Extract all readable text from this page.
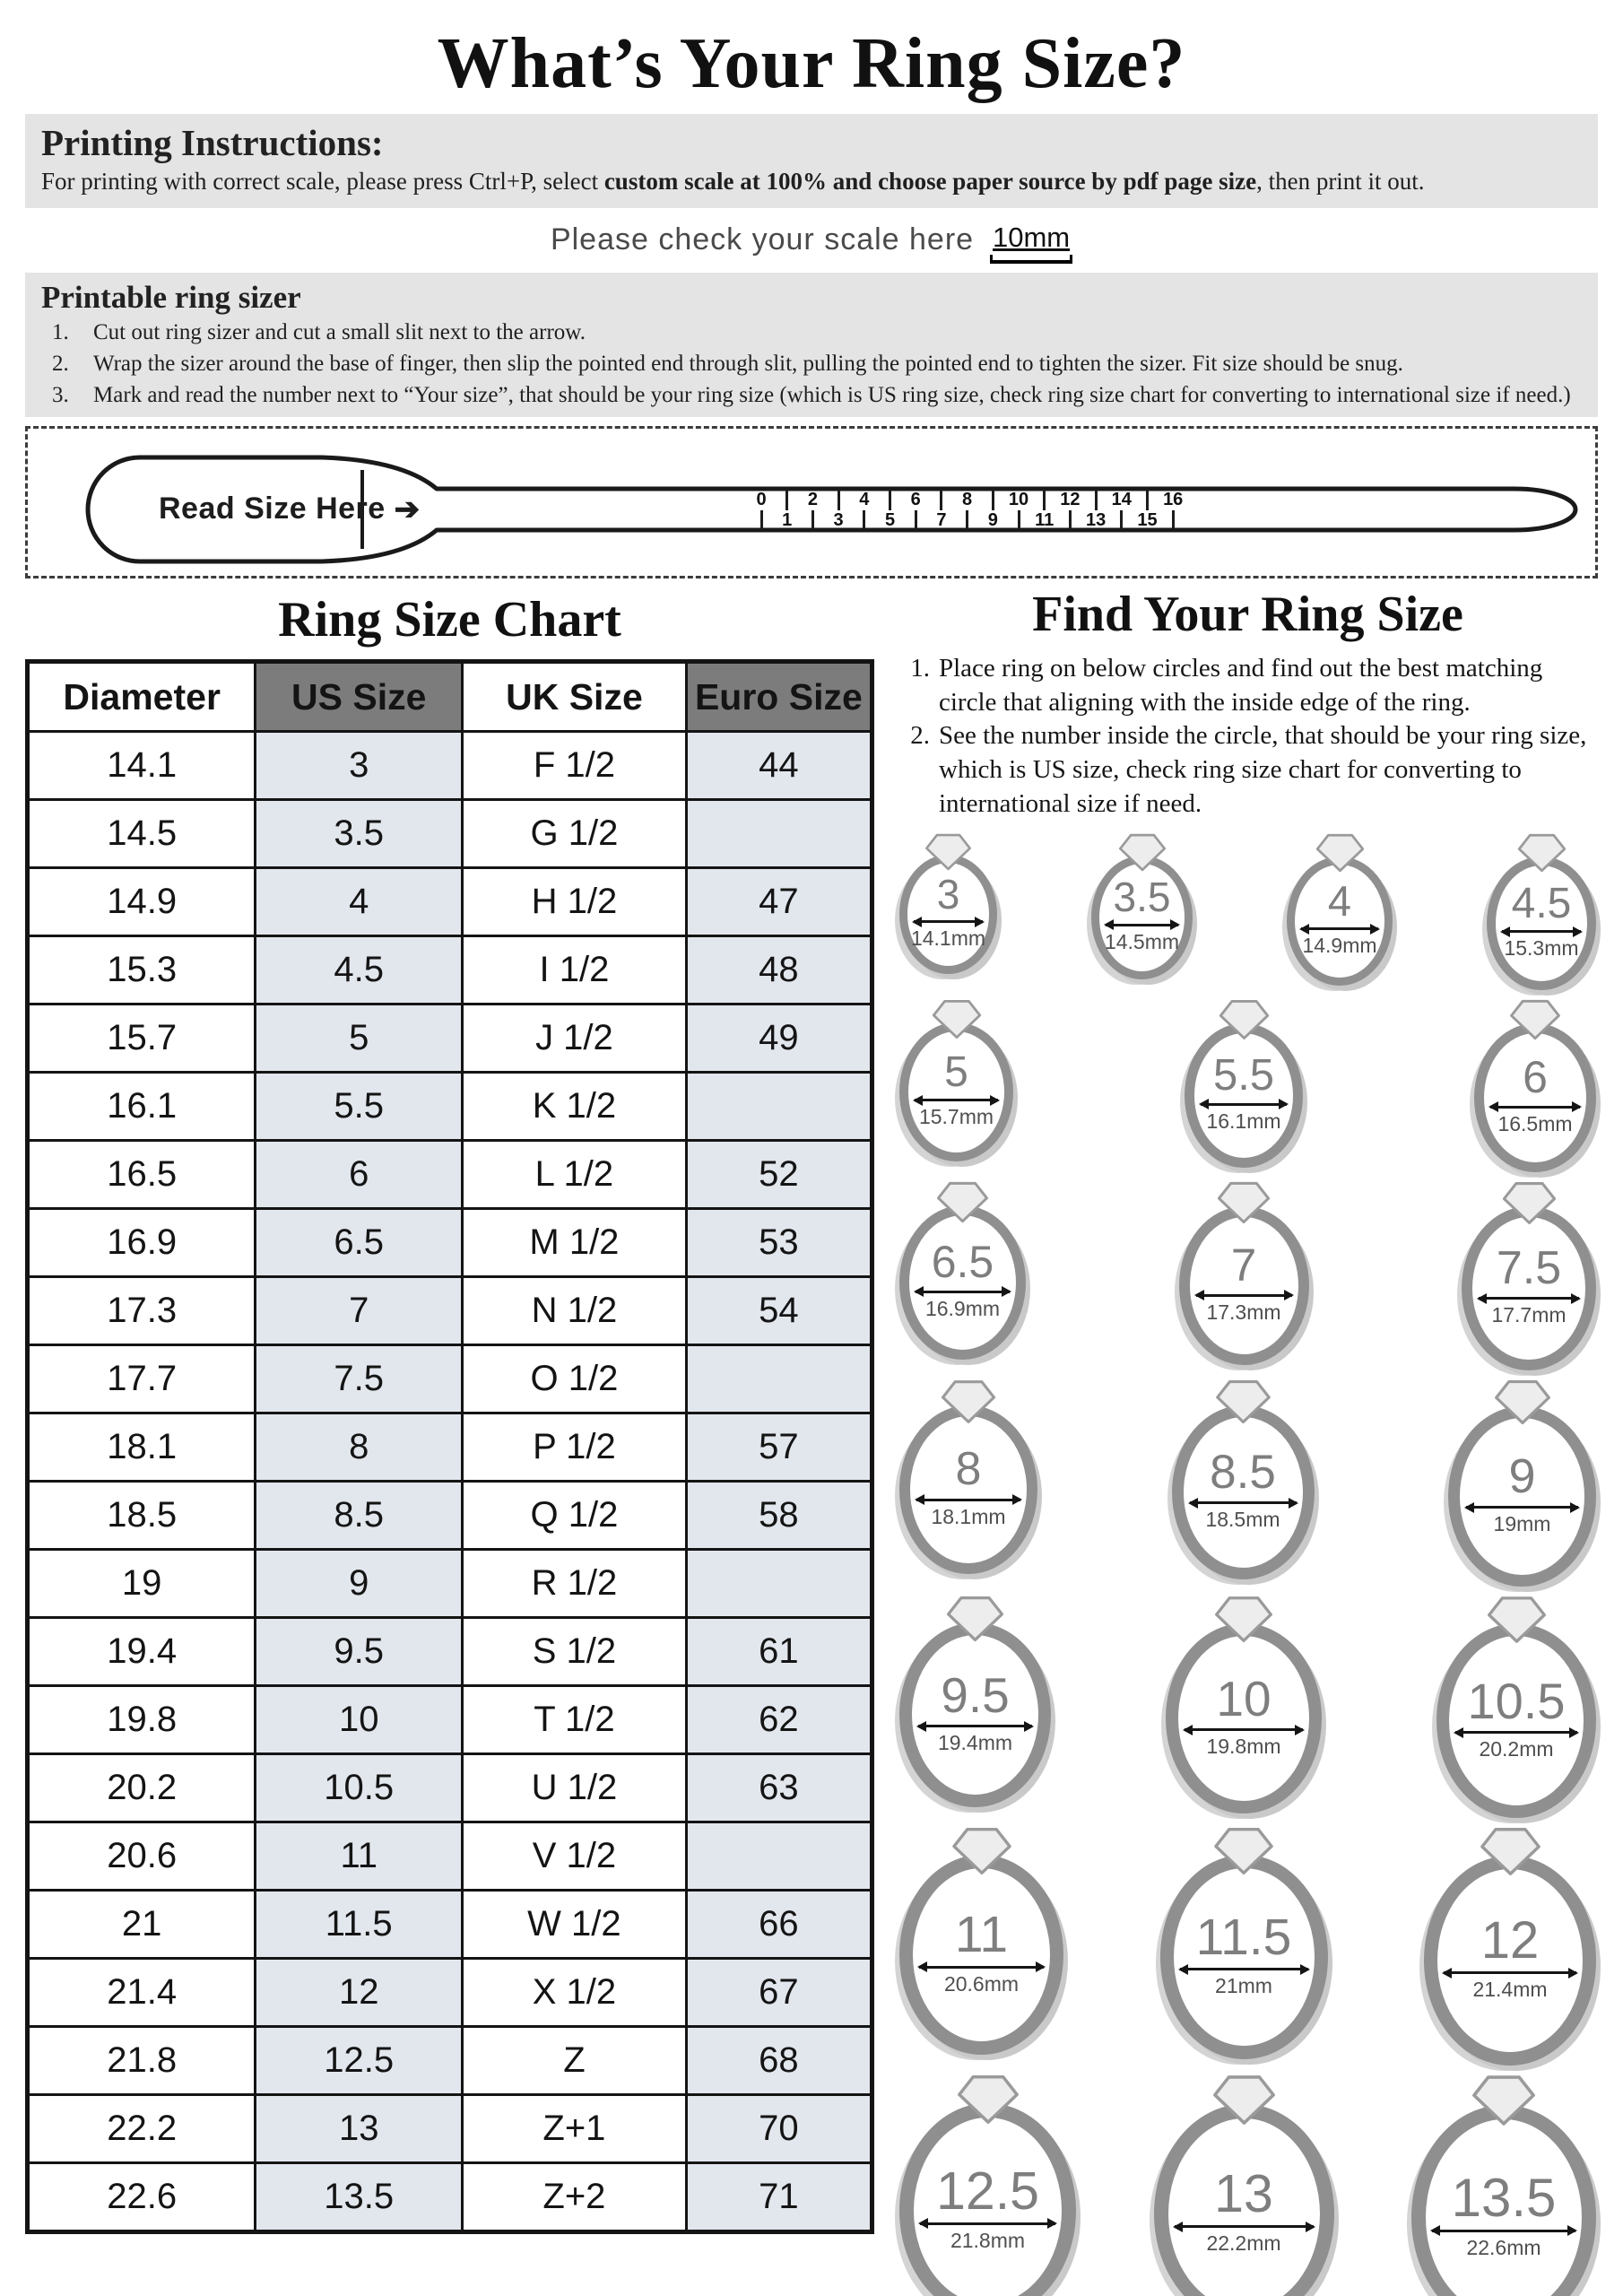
What’s Your Ring Size?
Printing Instructions:

For printing with correct scale, please press Ctrl+P, select custom scale at 100% and choose paper source by pdf page size, then print it out.

Please check your scale here 10mm
Printable ring sizer
1.	Cut out ring sizer and cut a small slit next to the arrow.
2.	Wrap the sizer around the base of finger, then slip the pointed end through slit, pulling the pointed end to tighten the sizer. Fit size should be snug.
3.	Mark and read the number next to “Your size”, that should be your ring size (which is US ring size, check ring size chart for converting to international size if need.)
Read Size Here ➔	0
1
2
3
4
5
6
7
8
9
10
11
12
13
14
15
16
Ring Size Chart
Diameter	US Size	UK Size	Euro Size
14.1	3	F 1/2	44
14.5	3.5	G 1/2	
14.9	4	H 1/2	47
15.3	4.5	I 1/2	48
15.7	5	J 1/2	49
16.1	5.5	K 1/2	
16.5	6	L 1/2	52
16.9	6.5	M 1/2	53
17.3	7	N 1/2	54
17.7	7.5	O 1/2	
18.1	8	P 1/2	57
18.5	8.5	Q 1/2	58
19	9	R 1/2	
19.4	9.5	S 1/2	61
19.8	10	T 1/2	62
20.2	10.5	U 1/2	63
20.6	11	V 1/2	
21	11.5	W 1/2	66
21.4	12	X 1/2	67
21.8	12.5	Z	68
22.2	13	Z+1	70
22.6	13.5	Z+2	71
Find Your Ring Size
1. Place ring on below circles and find out the best matching circle that aligning with the inside edge of the ring.
2. See the number inside the circle, that should be your ring size, which is US size, check ring size chart for converting to international size if need.
3
14.1mm
3.5
14.5mm
4
14.9mm
4.5
15.3mm
5
15.7mm
5.5
16.1mm
6
16.5mm
6.5
16.9mm
7
17.3mm
7.5
17.7mm
8
18.1mm
8.5
18.5mm
9
19mm
9.5
19.4mm
10
19.8mm
10.5
20.2mm
11
20.6mm
11.5
21mm
12
21.4mm
12.5
21.8mm
13
22.2mm
13.5
22.6mm
